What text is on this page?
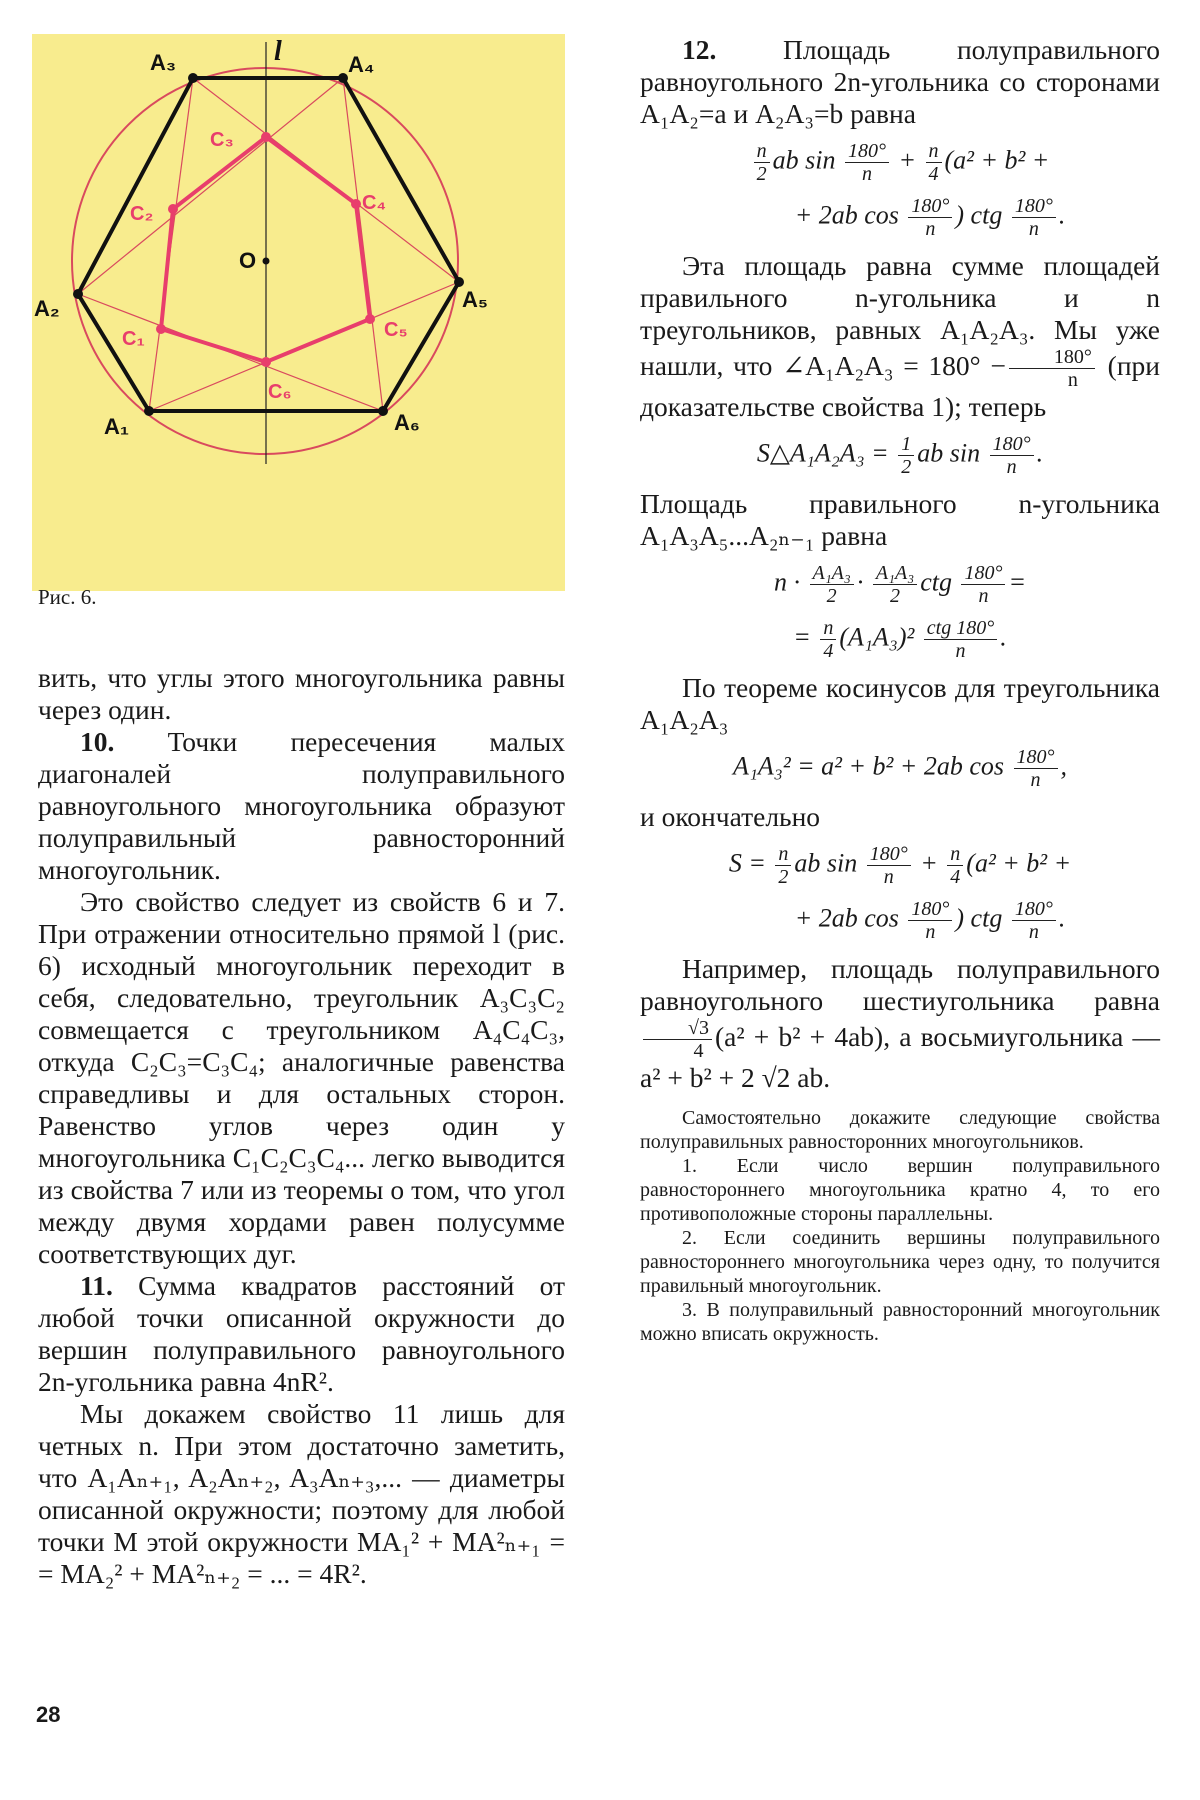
l
O
A₁
A₂
A₃	A₄
A₅
A₆
C₁
C₂
C₃
C₄
C₅
C₆
Рис. 6.

вить, что углы этого многоугольника равны через один.

10. Точки пересечения малых диагоналей полуправильного равноугольного многоугольника образуют полуправильный равносторонний многоугольник.

Это свойство следует из свойств 6 и 7. При отражении относительно прямой l (рис. 6) исходный многоугольник переходит в себя, следовательно, треугольник A₃C₃C₂ совмещается с треугольником A₄C₄C₃, откуда C₂C₃=C₃C₄; аналогичные равенства справедливы и для остальных сторон. Равенство углов через один у многоугольника C₁C₂C₃C₄... легко выводится из свойства 7 или из теоремы о том, что угол между двумя хордами равен полусумме соответствующих дуг.

11. Сумма квадратов расстояний от любой точки описанной окружности до вершин полуправильного равноугольного 2n-угольника равна 4nR².

Мы докажем свойство 11 лишь для четных n. При этом достаточно заметить, что A₁Aₙ₊₁, A₂Aₙ₊₂, A₃Aₙ₊₃,... — диаметры описанной окружности; поэтому для любой точки M этой окружности MA₁² + MA²ₙ₊₁ = = MA₂² + MA²ₙ₊₂ = ... = 4R².

12. Площадь полуправильного равноугольного 2n-угольника со сторонами A₁A₂=a и A₂A₃=b равна

$\frac{n}{2}$ ab $\sin \frac{180^\circ}{n} + \frac{n}{4} (a^2 + b^2$ +
+ 2ab $\cos \frac{180^\circ}{n}$ ) ctg $\frac{180^\circ}{n}$ .

Эта площадь равна сумме площадей правильного n-угольника и n треугольников, равных A₁A₂A₃. Мы уже нашли, что ∠A₁A₂A₃ = $180^\circ - \frac{180^\circ}{n} (при$ доказательстве свойства 1); теперь

S△A₁A₂A₃ = $\frac{1}{2}$ ab $\sin \frac{180^\circ}{n}$ .

Площадь правильного n-угольника A₁A₃A₅...A₂ₙ₋₁ равна

$n \cdot \frac{\text{A₁A₃}}{2} \cdot \frac{\text{A₁A₃}}{2}$ ctg $\frac{180^\circ}{n}$ =
= $\frac{n}{4} (A_1A_3)^2 \frac{\text{ctg 180°}}{n}$ .

По теореме косинусов для треугольника A₁A₂A₃

A₁A₃² = a² + b² + 2ab $\cos \frac{180^\circ}{n}$ ,

и окончательно

$S = \frac{n}{2}$ ab $\sin \frac{180^\circ}{n} + \frac{n}{4} (a^2 + b^2$ +
+ 2ab $\cos \frac{180^\circ}{n}$ ) ctg $\frac{180^\circ}{n}$ .

Например, площадь полуправильного равноугольного шестиугольника равна
$\frac{√3}{4} (a^2 + b^2 + 4ab)$, а восьмиугольника — a² + b² + 2 √2 ab.

Самостоятельно докажите следующие свойства полуправильных равносторонних многоугольников.

1. Если число вершин полуправильного равностороннего многоугольника кратно 4, то его противоположные стороны параллельны.

2. Если соединить вершины полуправильного равностороннего многоугольника через одну, то получится правильный многоугольник.

3. В полуправильный равносторонний многоугольник можно вписать окружность.

28
